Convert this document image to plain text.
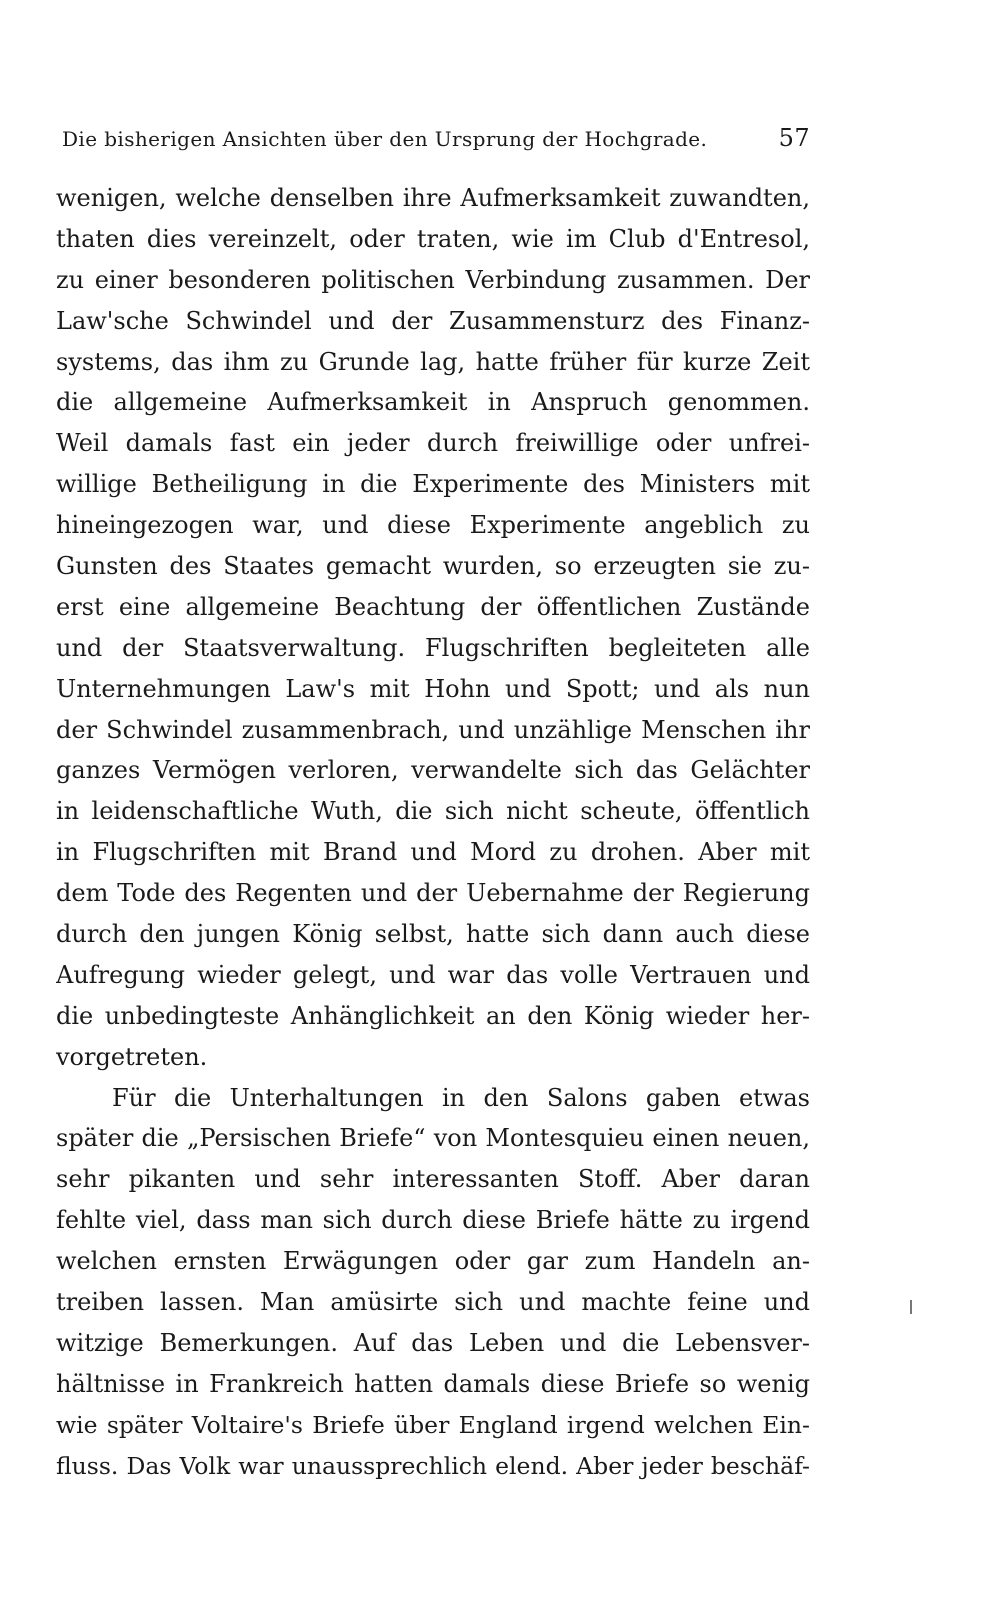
Die bisherigen Ansichten über den Ursprung der Hochgrade.	57
wenigen, welche denselben ihre Aufmerksamkeit zuwandten,
thaten dies vereinzelt, oder traten, wie im Club d'Entresol,
zu einer besonderen politischen Verbindung zusammen. Der
Law'sche Schwindel und der Zusammensturz des Finanz-
systems, das ihm zu Grunde lag, hatte früher für kurze Zeit
die allgemeine Aufmerksamkeit in Anspruch genommen.
Weil damals fast ein jeder durch freiwillige oder unfrei-
willige Betheiligung in die Experimente des Ministers mit
hineingezogen war, und diese Experimente angeblich zu
Gunsten des Staates gemacht wurden, so erzeugten sie zu-
erst eine allgemeine Beachtung der öffentlichen Zustände
und der Staatsverwaltung. Flugschriften begleiteten alle
Unternehmungen Law's mit Hohn und Spott; und als nun
der Schwindel zusammenbrach, und unzählige Menschen ihr
ganzes Vermögen verloren, verwandelte sich das Gelächter
in leidenschaftliche Wuth, die sich nicht scheute, öffentlich
in Flugschriften mit Brand und Mord zu drohen. Aber mit
dem Tode des Regenten und der Uebernahme der Regierung
durch den jungen König selbst, hatte sich dann auch diese
Aufregung wieder gelegt, und war das volle Vertrauen und
die unbedingteste Anhänglichkeit an den König wieder her-
vorgetreten.
Für die Unterhaltungen in den Salons gaben etwas
später die „Persischen Briefe“ von Montesquieu einen neuen,
sehr pikanten und sehr interessanten Stoff. Aber daran
fehlte viel, dass man sich durch diese Briefe hätte zu irgend
welchen ernsten Erwägungen oder gar zum Handeln an-
treiben lassen. Man amüsirte sich und machte feine und
witzige Bemerkungen. Auf das Leben und die Lebensver-
hältnisse in Frankreich hatten damals diese Briefe so wenig
wie später Voltaire's Briefe über England irgend welchen Ein-
fluss. Das Volk war unaussprechlich elend. Aber jeder beschäf-
